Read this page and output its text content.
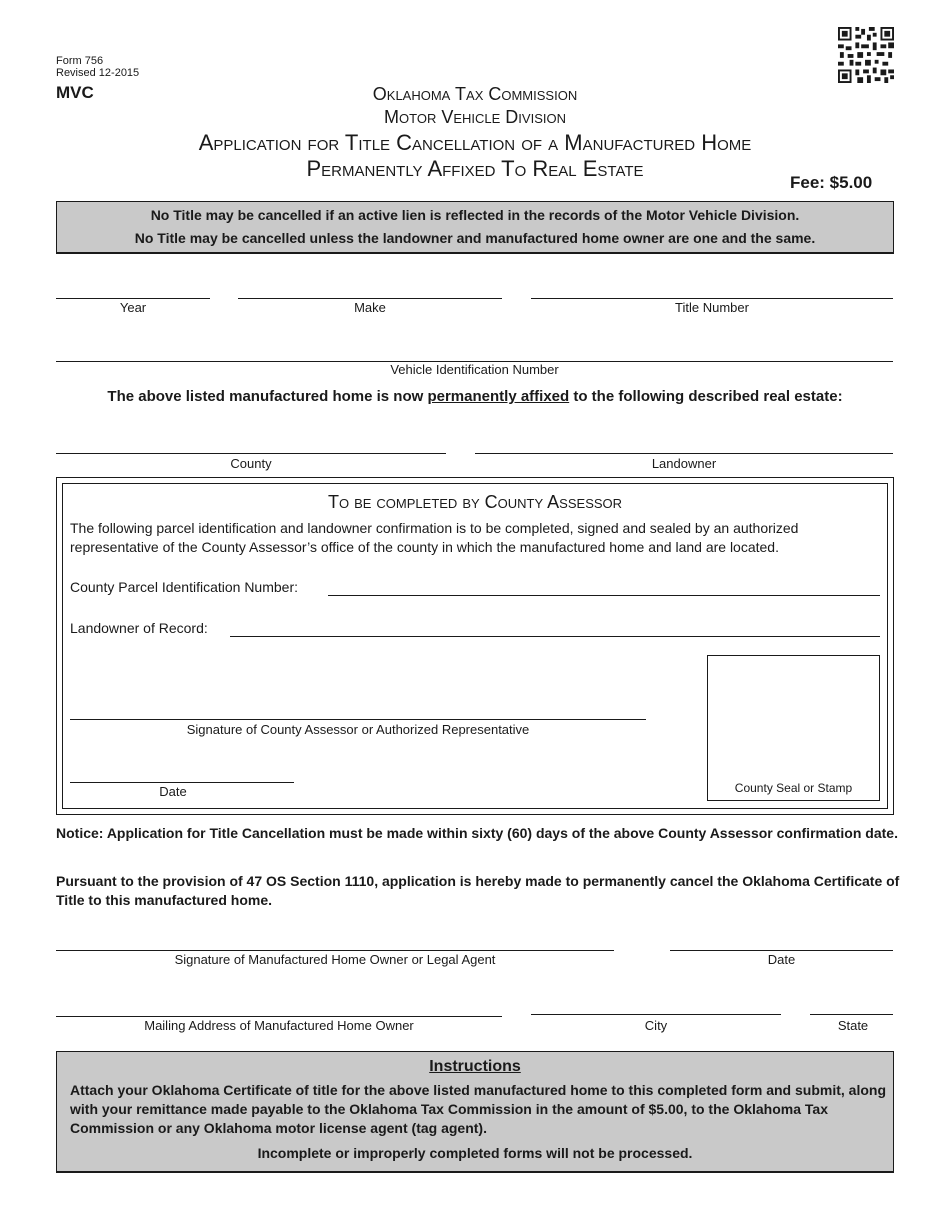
Form 756
Revised 12-2015
MVC	Oklahoma Tax Commission
Motor Vehicle Division
Application for Title Cancellation of a Manufactured Home
Permanently Affixed To Real Estate
Fee: $5.00
No Title may be cancelled if an active lien is reflected in the records of the Motor Vehicle Division.
No Title may be cancelled unless the landowner and manufactured home owner are one and the same.
Year	Make	Title Number
Vehicle Identification Number
The above listed manufactured home is now permanently affixed to the following described real estate:
County	Landowner
To be completed by County Assessor
The following parcel identification and landowner confirmation is to be completed, signed and sealed by an authorized representative of the County Assessor’s office of the county in which the manufactured home and land are located.
County Parcel Identification Number:
Landowner of Record:
Signature of County Assessor or Authorized Representative
Date	County Seal or Stamp
Notice: Application for Title Cancellation must be made within sixty (60) days of the above County Assessor confirmation date.
Pursuant to the provision of 47 OS Section 1110, application is hereby made to permanently cancel the Oklahoma Certificate of Title to this manufactured home.
Signature of Manufactured Home Owner or Legal Agent	Date
Mailing Address of Manufactured Home Owner	City	State
Instructions
Attach your Oklahoma Certificate of title for the above listed manufactured home to this completed form and submit, along with your remittance made payable to the Oklahoma Tax Commission in the amount of $5.00, to the Oklahoma Tax Commission or any Oklahoma motor license agent (tag agent).
Incomplete or improperly completed forms will not be processed.
